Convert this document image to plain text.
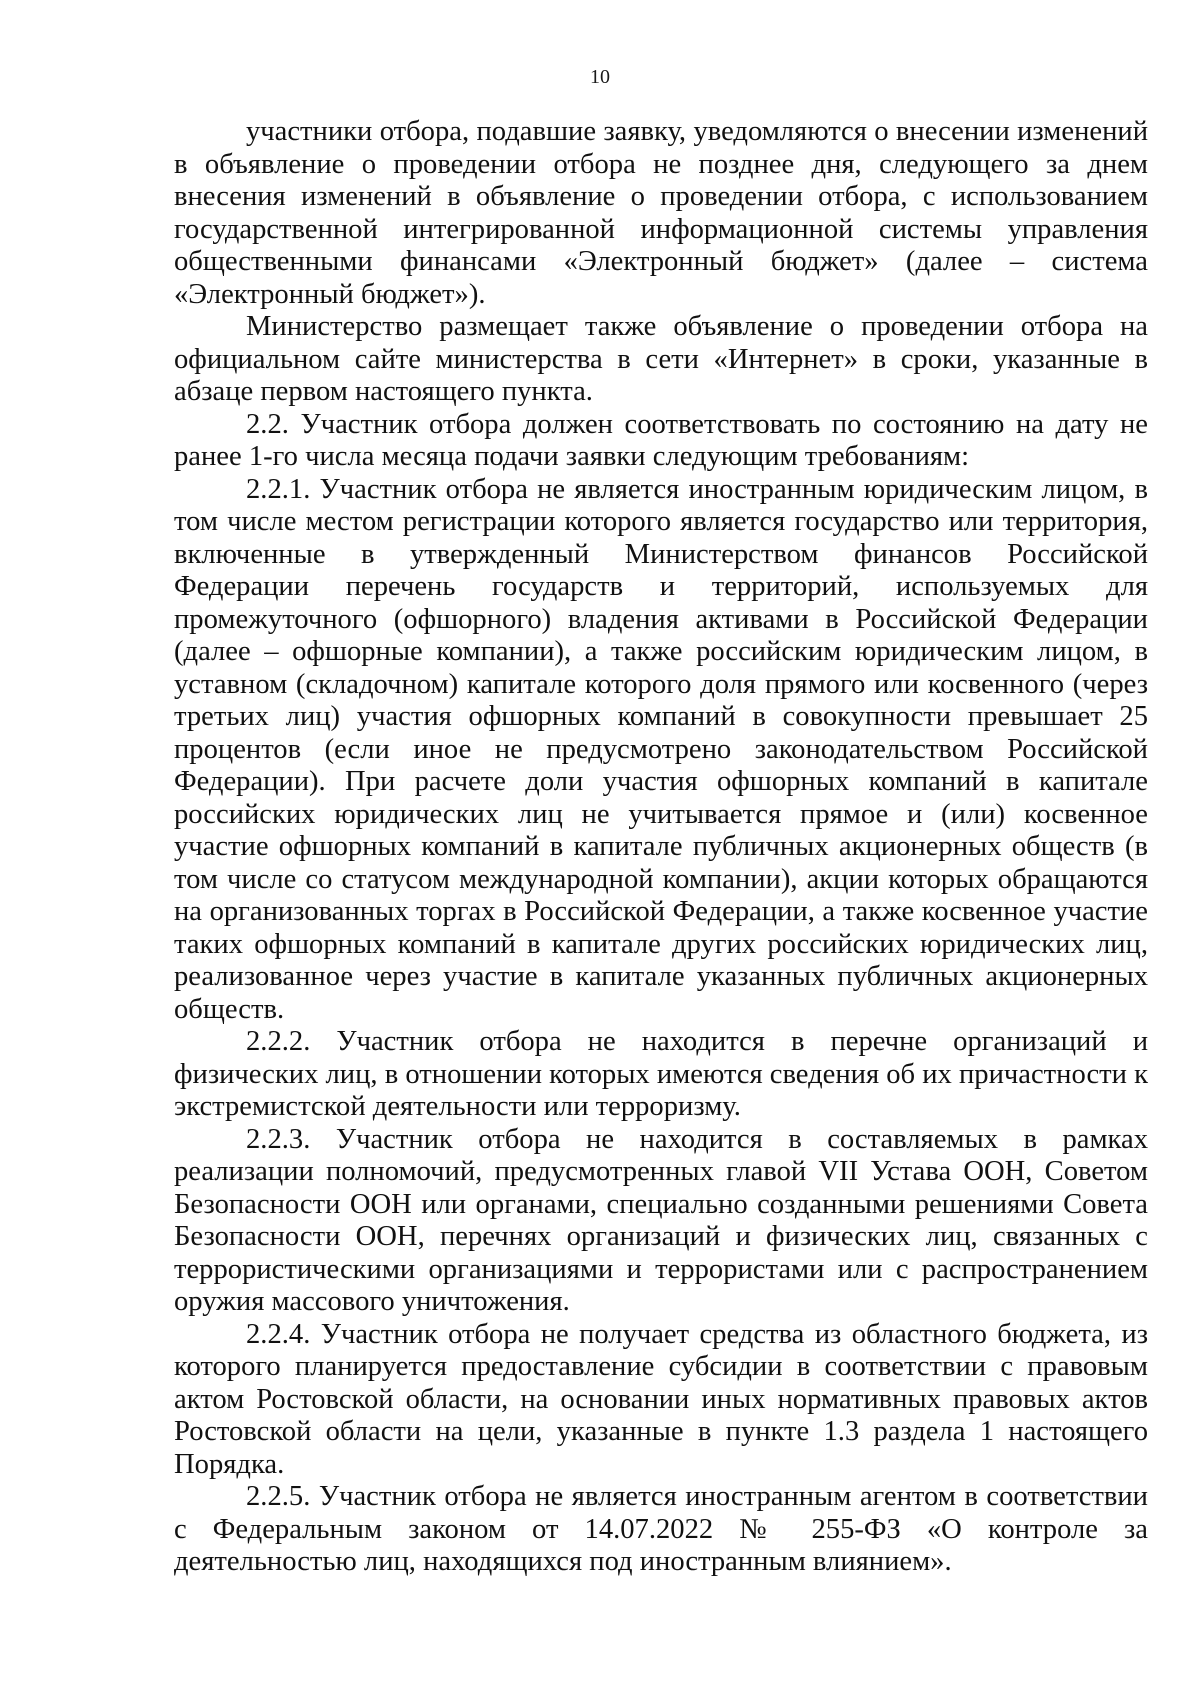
10

участники отбора, подавшие заявку, уведомляются о внесении изменений в объявление о проведении отбора не позднее дня, следующего за днем внесения изменений в объявление о проведении отбора, с использованием государственной интегрированной информационной системы управления общественными финансами «Электронный бюджет» (далее – система «Электронный бюджет»).

Министерство размещает также объявление о проведении отбора на официальном сайте министерства в сети «Интернет» в сроки, указанные в абзаце первом настоящего пункта.

2.2. Участник отбора должен соответствовать по состоянию на дату не ранее 1-го числа месяца подачи заявки следующим требованиям:

2.2.1. Участник отбора не является иностранным юридическим лицом, в том числе местом регистрации которого является государство или территория, включенные в утвержденный Министерством финансов Российской Федерации перечень государств и территорий, используемых для промежуточного (офшорного) владения активами в Российской Федерации (далее – офшорные компании), а также российским юридическим лицом, в уставном (складочном) капитале которого доля прямого или косвенного (через третьих лиц) участия офшорных компаний в совокупности превышает 25 процентов (если иное не предусмотрено законодательством Российской Федерации). При расчете доли участия офшорных компаний в капитале российских юридических лиц не учитывается прямое и (или) косвенное участие офшорных компаний в капитале публичных акционерных обществ (в том числе со статусом международной компании), акции которых обращаются на организованных торгах в Российской Федерации, а также косвенное участие таких офшорных компаний в капитале других российских юридических лиц, реализованное через участие в капитале указанных публичных акционерных обществ.

2.2.2. Участник отбора не находится в перечне организаций и физических лиц, в отношении которых имеются сведения об их причастности к экстремистской деятельности или терроризму.

2.2.3. Участник отбора не находится в составляемых в рамках реализации полномочий, предусмотренных главой VII Устава ООН, Советом Безопасности ООН или органами, специально созданными решениями Совета Безопасности ООН, перечнях организаций и физических лиц, связанных с террористическими организациями и террористами или с распространением оружия массового уничтожения.

2.2.4. Участник отбора не получает средства из областного бюджета, из которого планируется предоставление субсидии в соответствии с правовым актом Ростовской области, на основании иных нормативных правовых актов Ростовской области на цели, указанные в пункте 1.3 раздела 1 настоящего Порядка.

2.2.5. Участник отбора не является иностранным агентом в соответствии с Федеральным законом от 14.07.2022 № 255-ФЗ «О контроле за деятельностью лиц, находящихся под иностранным влиянием».
